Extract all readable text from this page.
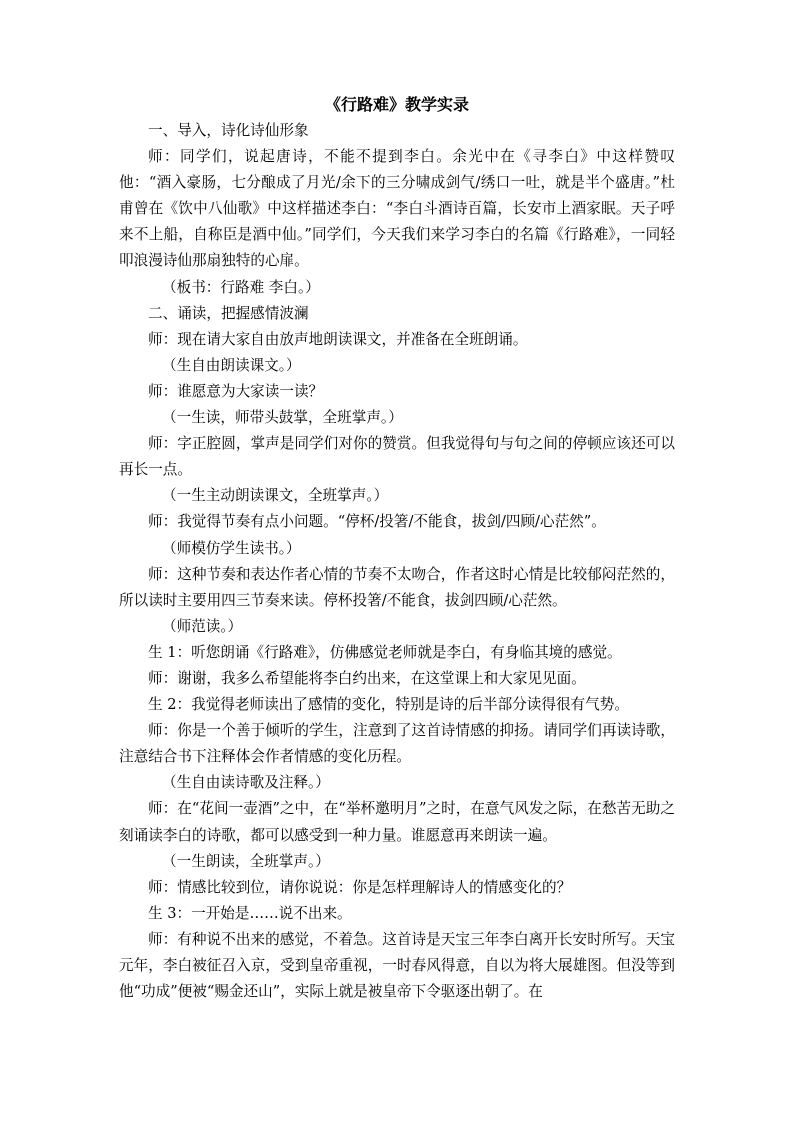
《行路难》教学实录

一、导入，诗化诗仙形象

师：同学们，说起唐诗，不能不提到李白。余光中在《寻李白》中这样赞叹他：“酒入豪肠，七分酿成了月光/余下的三分啸成剑气/绣口一吐，就是半个盛唐。”杜甫曾在《饮中八仙歌》中这样描述李白：“李白斗酒诗百篇，长安市上酒家眠。天子呼来不上船，自称臣是酒中仙。”同学们，今天我们来学习李白的名篇《行路难》，一同轻叩浪漫诗仙那扇独特的心扉。

（板书：行路难 李白。）

二、诵读，把握感情波澜

师：现在请大家自由放声地朗读课文，并准备在全班朗诵。

（生自由朗读课文。）

师：谁愿意为大家读一读？

（一生读，师带头鼓掌，全班掌声。）

师：字正腔圆，掌声是同学们对你的赞赏。但我觉得句与句之间的停顿应该还可以再长一点。

（一生主动朗读课文，全班掌声。）

师：我觉得节奏有点小问题。“停杯/投箸/不能食，拔剑/四顾/心茫然”。

（师模仿学生读书。）

师：这种节奏和表达作者心情的节奏不太吻合，作者这时心情是比较郁闷茫然的，所以读时主要用四三节奏来读。停杯投箸/不能食，拔剑四顾/心茫然。

（师范读。）

生 1：听您朗诵《行路难》，仿佛感觉老师就是李白，有身临其境的感觉。

师：谢谢，我多么希望能将李白约出来，在这堂课上和大家见见面。

生 2：我觉得老师读出了感情的变化，特别是诗的后半部分读得很有气势。

师：你是一个善于倾听的学生，注意到了这首诗情感的抑扬。请同学们再读诗歌，注意结合书下注释体会作者情感的变化历程。

（生自由读诗歌及注释。）

师：在“花间一壶酒”之中，在“举杯邀明月”之时，在意气风发之际，在愁苦无助之刻诵读李白的诗歌，都可以感受到一种力量。谁愿意再来朗读一遍。

（一生朗读，全班掌声。）

师：情感比较到位，请你说说：你是怎样理解诗人的情感变化的？

生 3：一开始是……说不出来。

师：有种说不出来的感觉，不着急。这首诗是天宝三年李白离开长安时所写。天宝元年，李白被征召入京，受到皇帝重视，一时春风得意，自以为将大展雄图。但没等到他“功成”便被“赐金还山”，实际上就是被皇帝下令驱逐出朝了。在
